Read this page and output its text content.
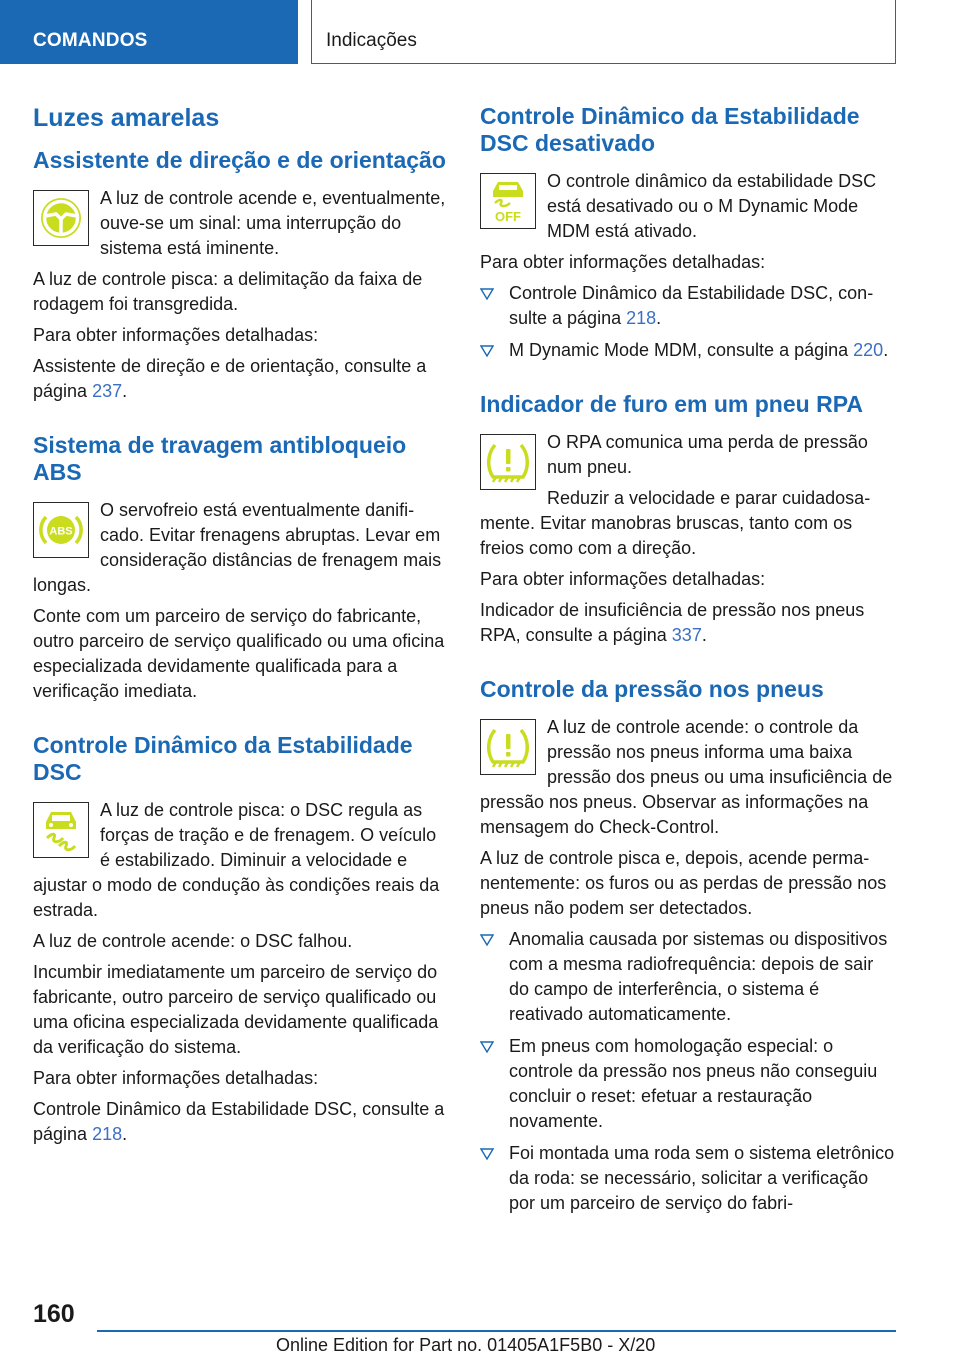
COMANDOS	Indicações
Luzes amarelas
Assistente de direção e de orientação

A luz de controle acende e, eventualmente, ouve-se um sinal: uma interrupção do sistema está iminente.

A luz de controle pisca: a delimitação da faixa de rodagem foi transgredida.

Para obter informações detalhadas:

Assistente de direção e de orientação, consulte a página 237.

Sistema de travagem antibloqueio ABS
ABS

O servofreio está eventualmente danificado. Evitar frenagens abruptas. Levar em consideração distâncias de frenagem mais longas.

Conte com um parceiro de serviço do fabricante, outro parceiro de serviço qualificado ou uma oficina especializada devidamente qualificada para a verificação imediata.

Controle Dinâmico da Estabilidade DSC

A luz de controle pisca: o DSC regula as forças de tração e de frenagem. O veículo é estabilizado. Diminuir a velocidade e ajustar o modo de condução às condições reais da estrada.

A luz de controle acende: o DSC falhou.

Incumbir imediatamente um parceiro de serviço do fabricante, outro parceiro de serviço qualificado ou uma oficina especializada devidamente qualificada da verificação do sistema.

Para obter informações detalhadas:

Controle Dinâmico da Estabilidade DSC, consulte a página 218.

Controle Dinâmico da Estabilidade DSC desativado
OFF

O controle dinâmico da estabilidade DSC está desativado ou o M Dynamic Mode MDM está ativado.

Para obter informações detalhadas:

Controle Dinâmico da Estabilidade DSC, consulte a página 218.
M Dynamic Mode MDM, consulte a página 220.
Indicador de furo em um pneu RPA

O RPA comunica uma perda de pressão num pneu.

Reduzir a velocidade e parar cuidadosamente. Evitar manobras bruscas, tanto com os freios como com a direção.

Para obter informações detalhadas:

Indicador de insuficiência de pressão nos pneus RPA, consulte a página 337.

Controle da pressão nos pneus

A luz de controle acende: o controle da pressão nos pneus informa uma baixa pressão dos pneus ou uma insuficiência de pressão nos pneus. Observar as informações na mensagem do Check-Control.

A luz de controle pisca e, depois, acende permanentemente: os furos ou as perdas de pressão nos pneus não podem ser detectados.

Anomalia causada por sistemas ou dispositivos com a mesma radiofrequência: depois de sair do campo de interferência, o sistema é reativado automaticamente.
Em pneus com homologação especial: o controle da pressão nos pneus não conseguiu concluir o reset: efetuar a restauração novamente.
Foi montada uma roda sem o sistema eletrônico da roda: se necessário, solicitar a verificação por um parceiro de serviço do fabri-
160
Online Edition for Part no. 01405A1F5B0 - X/20
